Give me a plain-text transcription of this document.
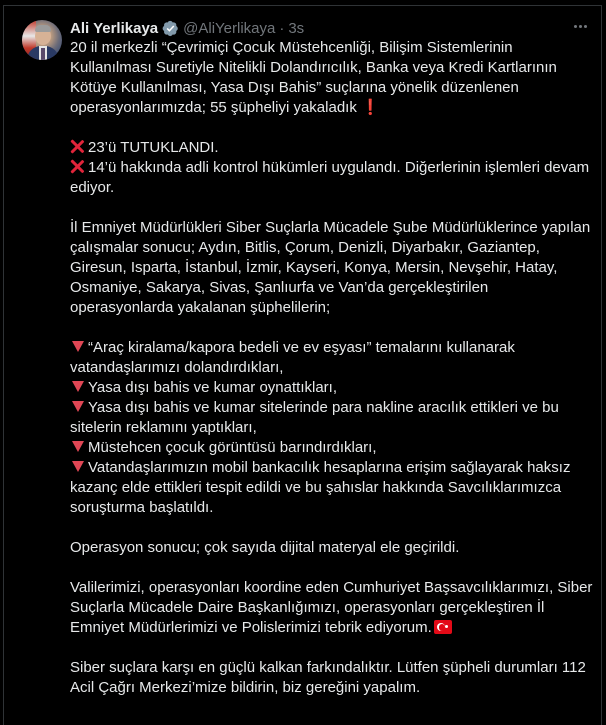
Ali Yerlikaya @AliYerlikaya · 3s

20 il merkezli “Çevrimiçi Çocuk Müstehcenliği, Bilişim Sistemlerinin Kullanılması Suretiyle Nitelikli Dolandırıcılık, Banka veya Kredi Kartlarının Kötüye Kullanılması, Yasa Dışı Bahis” suçlarına yönelik düzenlenen operasyonlarımızda; 55 şüpheliyi yakaladık ❗

23’ü TUTUKLANDI.

14’ü hakkında adli kontrol hükümleri uygulandı. Diğerlerinin işlemleri devam ediyor.

İl Emniyet Müdürlükleri Siber Suçlarla Mücadele Şube Müdürlüklerince yapılan çalışmalar sonucu; Aydın, Bitlis, Çorum, Denizli, Diyarbakır, Gaziantep, Giresun, Isparta, İstanbul, İzmir, Kayseri, Konya, Mersin, Nevşehir, Hatay, Osmaniye, Sakarya, Sivas, Şanlıurfa ve Van’da gerçekleştirilen operasyonlarda yakalanan şüphelilerin;

“Araç kiralama/kapora bedeli ve ev eşyası” temalarını kullanarak vatandaşlarımızı dolandırdıkları,

Yasa dışı bahis ve kumar oynattıkları,

Yasa dışı bahis ve kumar sitelerinde para nakline aracılık ettikleri ve bu sitelerin reklamını yaptıkları,

Müstehcen çocuk görüntüsü barındırdıkları,

Vatandaşlarımızın mobil bankacılık hesaplarına erişim sağlayarak haksız kazanç elde ettikleri tespit edildi ve bu şahıslar hakkında Savcılıklarımızca soruşturma başlatıldı.

Operasyon sonucu; çok sayıda dijital materyal ele geçirildi.

Valilerimizi, operasyonları koordine eden Cumhuriyet Başsavcılıklarımızı, Siber Suçlarla Mücadele Daire Başkanlığımızı, operasyonları gerçekleştiren İl Emniyet Müdürlerimizi ve Polislerimizi tebrik ediyorum.

Siber suçlara karşı en güçlü kalkan farkındalıktır. Lütfen şüpheli durumları 112 Acil Çağrı Merkezi’mize bildirin, biz gereğini yapalım.
